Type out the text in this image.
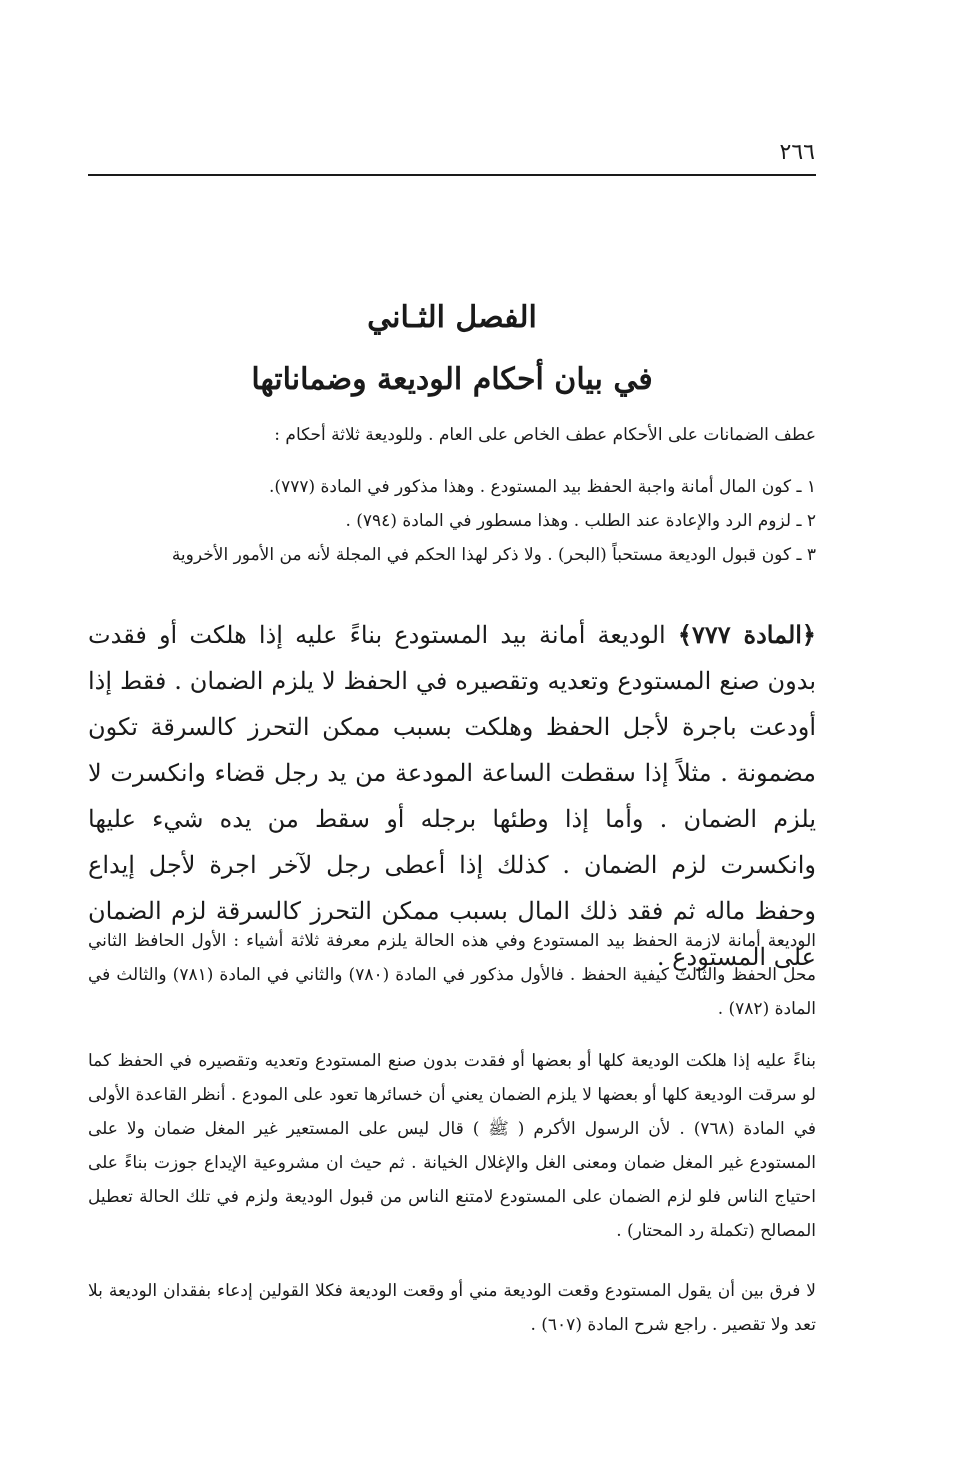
٢٦٦
الفصل الثـاني
في بيان أحكام الوديعة وضماناتها

عطف الضمانات على الأحكام عطف الخاص على العام . وللوديعة ثلاثة أحكام :

١ ـ كون المال أمانة واجبة الحفظ بيد المستودع . وهذا مذكور في المادة (٧٧٧).
٢ ـ لزوم الرد والإعادة عند الطلب . وهذا مسطور في المادة (٧٩٤) .
٣ ـ كون قبول الوديعة مستحباً (البحر) . ولا ذكر لهذا الحكم في المجلة لأنه من الأمور الأخروية

﴿المادة ٧٧٧﴾ الوديعة أمانة بيد المستودع بناءً عليه إذا هلكت أو فقدت بدون صنع المستودع وتعديه وتقصيره في الحفظ لا يلزم الضمان . فقط إذا أودعت باجرة لأجل الحفظ وهلكت بسبب ممكن التحرز كالسرقة تكون مضمونة . مثلاً إذا سقطت الساعة المودعة من يد رجل قضاء وانكسرت لا يلزم الضمان . وأما إذا وطئها برجله أو سقط من يده شيء عليها وانكسرت لزم الضمان . كذلك إذا أعطى رجل لآخر اجرة لأجل إيداع وحفظ ماله ثم فقد ذلك المال بسبب ممكن التحرز كالسرقة لزم الضمان على المستودع .

الوديعة أمانة لازمة الحفظ بيد المستودع وفي هذه الحالة يلزم معرفة ثلاثة أشياء : الأول الحافظ الثاني محل الحفظ والثالث كيفية الحفظ . فالأول مذكور في المادة (٧٨٠) والثاني في المادة (٧٨١) والثالث في المادة (٧٨٢) .

بناءً عليه إذا هلكت الوديعة كلها أو بعضها أو فقدت بدون صنع المستودع وتعديه وتقصيره في الحفظ كما لو سرقت الوديعة كلها أو بعضها لا يلزم الضمان يعني أن خسائرها تعود على المودع . أنظر القاعدة الأولى في المادة (٧٦٨) . لأن الرسول الأكرم ( ﷺ ) قال ليس على المستعير غير المغل ضمان ولا على المستودع غير المغل ضمان ومعنى الغل والإغلال الخيانة . ثم حيث ان مشروعية الإيداع جوزت بناءً على احتياج الناس فلو لزم الضمان على المستودع لامتنع الناس من قبول الوديعة ولزم في تلك الحالة تعطيل المصالح (تكملة رد المحتار) .

لا فرق بين أن يقول المستودع وقعت الوديعة مني أو وقعت الوديعة فكلا القولين إدعاء بفقدان الوديعة بلا تعد ولا تقصير . راجع شرح المادة (٦٠٧) .
